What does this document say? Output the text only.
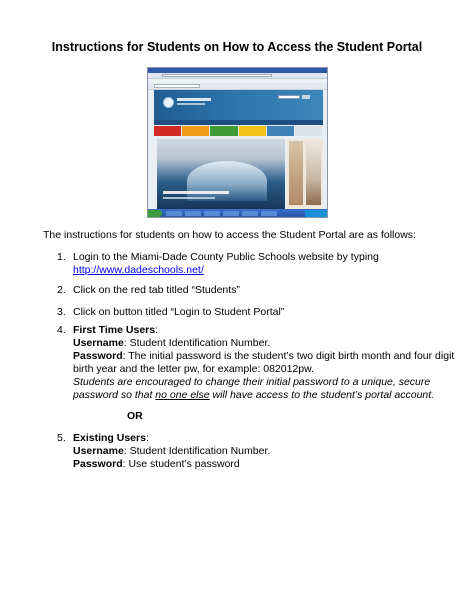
Instructions for Students on How to Access the Student Portal
The instructions for students on how to access the Student Portal are as follows:
1. Login to the Miami-Dade County Public Schools website by typing
http://www.dadeschools.net/
2. Click on the red tab titled “Students”
3. Click on button titled “Login to Student Portal”
4. First Time Users:
Username: Student Identification Number.
Password: The initial password is the student’s two digit birth month and four digit
birth year and the letter pw, for example: 082012pw.
Students are encouraged to change their initial password to a unique, secure
password so that no one else will have access to the student’s portal account.
OR
5. Existing Users:
Username: Student Identification Number.
Password: Use student’s password
